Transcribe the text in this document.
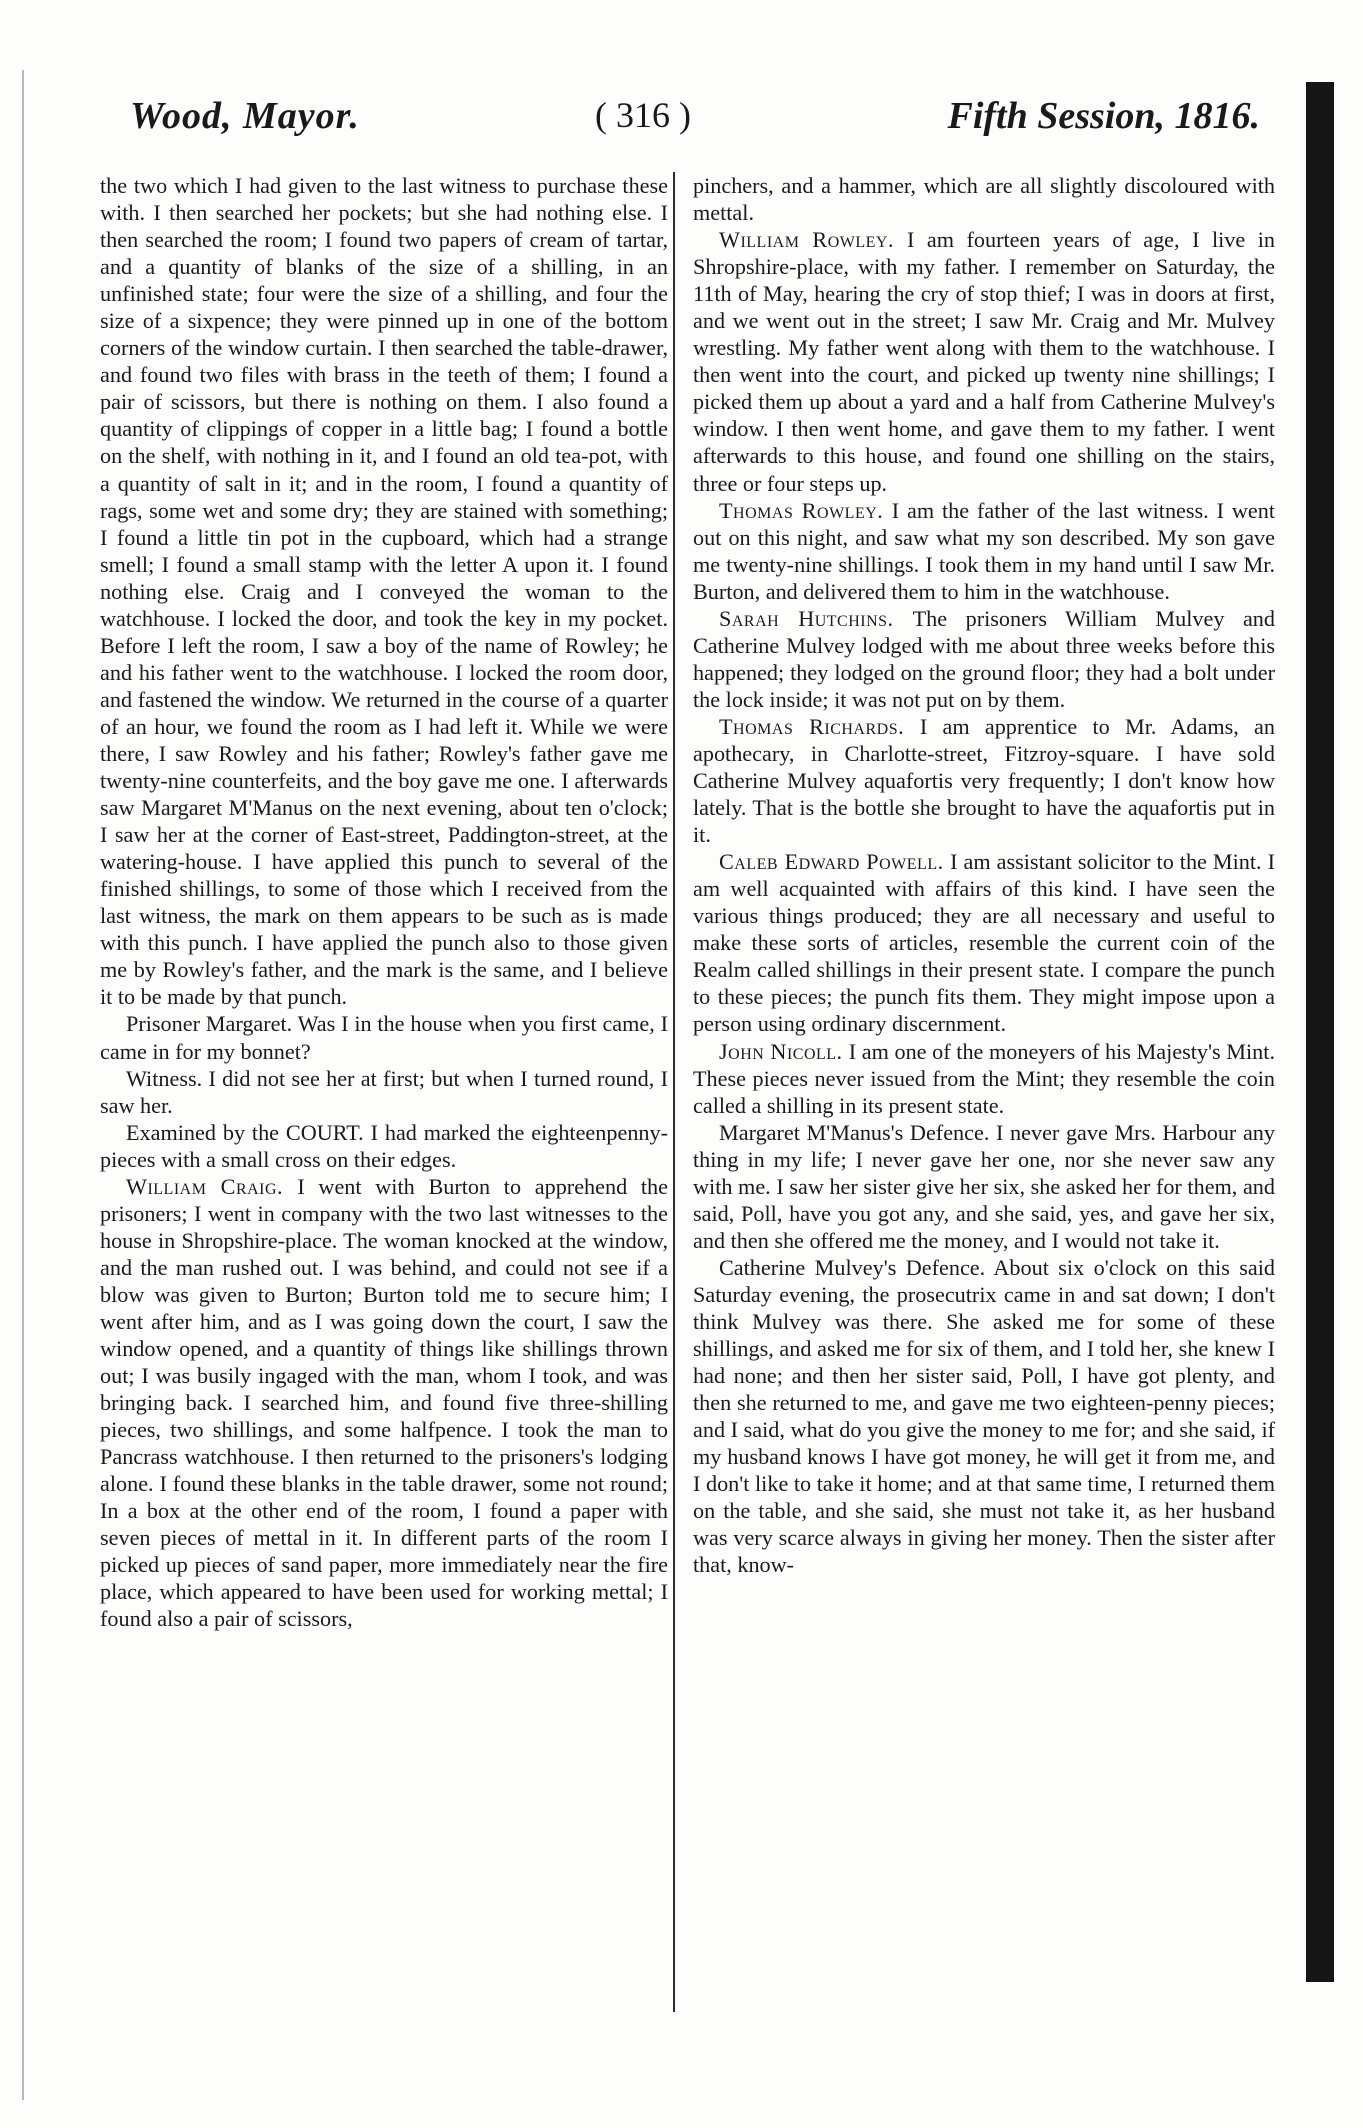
Wood, Mayor.	( 316 )	Fifth Session, 1816.

the two which I had given to the last witness to purchase these with. I then searched her pockets; but she had nothing else. I then searched the room; I found two papers of cream of tartar, and a quantity of blanks of the size of a shilling, in an unfinished state; four were the size of a shilling, and four the size of a sixpence; they were pinned up in one of the bottom corners of the window curtain. I then searched the table-drawer, and found two files with brass in the teeth of them; I found a pair of scissors, but there is nothing on them. I also found a quantity of clippings of copper in a little bag; I found a bottle on the shelf, with nothing in it, and I found an old tea-pot, with a quantity of salt in it; and in the room, I found a quantity of rags, some wet and some dry; they are stained with something; I found a little tin pot in the cupboard, which had a strange smell; I found a small stamp with the letter A upon it. I found nothing else. Craig and I conveyed the woman to the watchhouse. I locked the door, and took the key in my pocket. Before I left the room, I saw a boy of the name of Rowley; he and his father went to the watchhouse. I locked the room door, and fastened the window. We returned in the course of a quarter of an hour, we found the room as I had left it. While we were there, I saw Rowley and his father; Rowley's father gave me twenty-nine counterfeits, and the boy gave me one. I afterwards saw Margaret M'Manus on the next evening, about ten o'clock; I saw her at the corner of East-street, Paddington-street, at the watering-house. I have applied this punch to several of the finished shillings, to some of those which I received from the last witness, the mark on them appears to be such as is made with this punch. I have applied the punch also to those given me by Rowley's father, and the mark is the same, and I believe it to be made by that punch.

Prisoner Margaret. Was I in the house when you first came, I came in for my bonnet?

Witness. I did not see her at first; but when I turned round, I saw her.

Examined by the COURT. I had marked the eighteenpenny-pieces with a small cross on their edges.

William Craig. I went with Burton to apprehend the prisoners; I went in company with the two last witnesses to the house in Shropshire-place. The woman knocked at the window, and the man rushed out. I was behind, and could not see if a blow was given to Burton; Burton told me to secure him; I went after him, and as I was going down the court, I saw the window opened, and a quantity of things like shillings thrown out; I was busily ingaged with the man, whom I took, and was bringing back. I searched him, and found five three-shilling pieces, two shillings, and some halfpence. I took the man to Pancrass watchhouse. I then returned to the prisoners's lodging alone. I found these blanks in the table drawer, some not round; In a box at the other end of the room, I found a paper with seven pieces of mettal in it. In different parts of the room I picked up pieces of sand paper, more immediately near the fire place, which appeared to have been used for working mettal; I found also a pair of scissors,

pinchers, and a hammer, which are all slightly discoloured with mettal.

William Rowley. I am fourteen years of age, I live in Shropshire-place, with my father. I remember on Saturday, the 11th of May, hearing the cry of stop thief; I was in doors at first, and we went out in the street; I saw Mr. Craig and Mr. Mulvey wrestling. My father went along with them to the watchhouse. I then went into the court, and picked up twenty nine shillings; I picked them up about a yard and a half from Catherine Mulvey's window. I then went home, and gave them to my father. I went afterwards to this house, and found one shilling on the stairs, three or four steps up.

Thomas Rowley. I am the father of the last witness. I went out on this night, and saw what my son described. My son gave me twenty-nine shillings. I took them in my hand until I saw Mr. Burton, and delivered them to him in the watchhouse.

Sarah Hutchins. The prisoners William Mulvey and Catherine Mulvey lodged with me about three weeks before this happened; they lodged on the ground floor; they had a bolt under the lock inside; it was not put on by them.

Thomas Richards. I am apprentice to Mr. Adams, an apothecary, in Charlotte-street, Fitzroy-square. I have sold Catherine Mulvey aquafortis very frequently; I don't know how lately. That is the bottle she brought to have the aquafortis put in it.

Caleb Edward Powell. I am assistant solicitor to the Mint. I am well acquainted with affairs of this kind. I have seen the various things produced; they are all necessary and useful to make these sorts of articles, resemble the current coin of the Realm called shillings in their present state. I compare the punch to these pieces; the punch fits them. They might impose upon a person using ordinary discernment.

John Nicoll. I am one of the moneyers of his Majesty's Mint. These pieces never issued from the Mint; they resemble the coin called a shilling in its present state.

Margaret M'Manus's Defence. I never gave Mrs. Harbour any thing in my life; I never gave her one, nor she never saw any with me. I saw her sister give her six, she asked her for them, and said, Poll, have you got any, and she said, yes, and gave her six, and then she offered me the money, and I would not take it.

Catherine Mulvey's Defence. About six o'clock on this said Saturday evening, the prosecutrix came in and sat down; I don't think Mulvey was there. She asked me for some of these shillings, and asked me for six of them, and I told her, she knew I had none; and then her sister said, Poll, I have got plenty, and then she returned to me, and gave me two eighteen-penny pieces; and I said, what do you give the money to me for; and she said, if my husband knows I have got money, he will get it from me, and I don't like to take it home; and at that same time, I returned them on the table, and she said, she must not take it, as her husband was very scarce always in giving her money. Then the sister after that, know-
